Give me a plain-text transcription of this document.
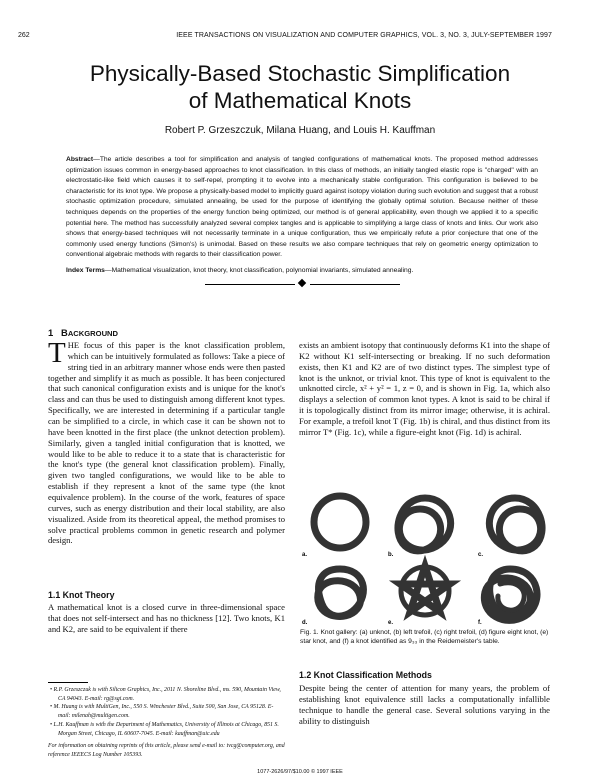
262	IEEE TRANSACTIONS ON VISUALIZATION AND COMPUTER GRAPHICS, VOL. 3, NO. 3, JULY-SEPTEMBER 1997
Physically-Based Stochastic Simplification
of Mathematical Knots
Robert P. Grzeszczuk, Milana Huang, and Louis H. Kauffman
Abstract—The article describes a tool for simplification and analysis of tangled configurations of mathematical knots. The proposed method addresses optimization issues common in energy-based approaches to knot classification. In this class of methods, an initially tangled elastic rope is "charged" with an electrostatic-like field which causes it to self-repel, prompting it to evolve into a mechanically stable configuration. This configuration is believed to be characteristic for its knot type. We propose a physically-based model to implicitly guard against isotopy violation during such evolution and suggest that a robust stochastic optimization procedure, simulated annealing, be used for the purpose of identifying the globally optimal solution. Because neither of these techniques depends on the properties of the energy function being optimized, our method is of general applicability, even though we applied it to a specific potential here. The method has successfully analyzed several complex tangles and is applicable to simplifying a large class of knots and links. Our work also shows that energy-based techniques will not necessarily terminate in a unique configuration, thus we empirically refute a prior conjecture that one of the commonly used energy functions (Simon's) is unimodal. Based on these results we also compare techniques that rely on geometric energy optimization to conventional algebraic methods with regards to their classification power.
Index Terms—Mathematical visualization, knot theory, knot classification, polynomial invariants, simulated annealing.
1 BACKGROUND
THE focus of this paper is the knot classification problem, which can be intuitively formulated as follows: Take a piece of string tied in an arbitrary manner whose ends were then pasted together and simplify it as much as possible. It has been conjectured that such canonical configuration exists and is unique for the knot's class and can thus be used to distinguish among different knot types. Specifically, we are interested in determining if a particular tangle can be simplified to a circle, in which case it can be shown not to have been knotted in the first place (the unknot detection problem). Similarly, given a tangled initial configuration that is knotted, we would like to be able to reduce it to a state that is characteristic for the knot's type (the general knot classification problem). Finally, given two tangled configurations, we would like to be able to establish if they represent a knot of the same type (the knot equivalence problem). In the course of the work, features of space curves, such as energy distribution and their local stability, are also visualized. Aside from its theoretical appeal, the method promises to solve practical problems common in genetic research and polymer design.
1.1 Knot Theory
A mathematical knot is a closed curve in three-dimensional space that does not self-intersect and has no thickness [12]. Two knots, K1 and K2, are said to be equivalent if there

• R.P. Grzeszczuk is with Silicon Graphics, Inc., 2011 N. Shoreline Blvd., ms. 590, Mountain View, CA 94043. E-mail: rg@sgi.com.

• M. Huang is with MultiGen, Inc., 550 S. Winchester Blvd., Suite 500, San Jose, CA 95128. E-mail: milenah@multigen.com.

• L.H. Kauffman is with the Department of Mathematics, University of Illinois at Chicago, 851 S. Morgan Street, Chicago, IL 60607-7045. E-mail: kauffman@uic.edu

For information on obtaining reprints of this article, please send e-mail to: tvcg@computer.org, and reference IEEECS Log Number 105393.

exists an ambient isotopy that continuously deforms K1 into the shape of K2 without K1 self-intersecting or breaking. If no such deformation exists, then K1 and K2 are of two distinct types. The simplest type of knot is the unknot, or trivial knot. This type of knot is equivalent to the unknotted circle, x² + y² = 1, z = 0, and is shown in Fig. 1a, which also displays a selection of common knot types. A knot is said to be chiral if it is topologically distinct from its mirror image; otherwise, it is achiral. For example, a trefoil knot T (Fig. 1b) is chiral, and thus distinct from its mirror T* (Fig. 1c), while a figure-eight knot (Fig. 1d) is achiral.
a.	b.	c.
d.	e.	f.
Fig. 1. Knot gallery: (a) unknot, (b) left trefoil, (c) right trefoil, (d) figure eight knot, (e) star knot, and (f) a knot identified as 9₃₃ in the Reidemeister's table.
1.2 Knot Classification Methods
Despite being the center of attention for many years, the problem of establishing knot equivalence still lacks a computationally infallible technique to handle the general case. Several solutions varying in the ability to distinguish
1077-2626/97/$10.00 © 1997 IEEE
